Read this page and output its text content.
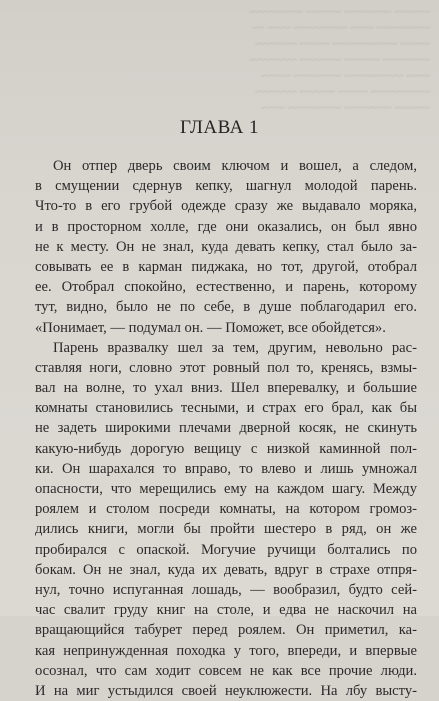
~~~~~~ ~~~~~~~~ ~~~~~~ ~~~~~~~~~
~~~~~~~~~ ~~~~ ~~~~~~~~~ ~~~~ ~~
~~~~~ ~~~~~~~~~~~ ~~~~~ ~~~~~~~
~~~~~~~~ ~~~~~~ ~~~~~~~ ~~~~~~~~
~~~~ ~~~~~~~~~~ ~~~~~~~~ ~~~~~
~~~~~~~~~~ ~~~~~ ~~~~~~ ~~~~~~~
~~~~~~ ~~~~~~~~ ~~~~~~~~~ ~~~~
ГЛАВА 1
Он отпер дверь своим ключом и вошел, а следом,
в смущении сдернув кепку, шагнул молодой парень.
Что-то в его грубой одежде сразу же выдавало моряка,
и в просторном холле, где они оказались, он был явно
не к месту. Он не знал, куда девать кепку, стал было за-
совывать ее в карман пиджака, но тот, другой, отобрал
ее. Отобрал спокойно, естественно, и парень, которому
тут, видно, было не по себе, в душе поблагодарил его.
«Понимает, — подумал он. — Поможет, все обойдется».
Парень вразвалку шел за тем, другим, невольно рас-
ставляя ноги, словно этот ровный пол то, кренясь, взмы-
вал на волне, то ухал вниз. Шел вперевалку, и большие
комнаты становились тесными, и страх его брал, как бы
не задеть широкими плечами дверной косяк, не скинуть
какую-нибудь дорогую вещицу с низкой каминной пол-
ки. Он шарахался то вправо, то влево и лишь умножал
опасности, что мерещились ему на каждом шагу. Между
роялем и столом посреди комнаты, на котором громоз-
дились книги, могли бы пройти шестеро в ряд, он же
пробирался с опаской. Могучие ручищи болтались по
бокам. Он не знал, куда их девать, вдруг в страхе отпря-
нул, точно испуганная лошадь, — вообразил, будто сей-
час свалит груду книг на столе, и едва не наскочил на
вращающийся табурет перед роялем. Он приметил, ка-
кая непринужденная походка у того, впереди, и впервые
осознал, что сам ходит совсем не как все прочие люди.
И на миг устыдился своей неуклюжести. На лбу высту-
